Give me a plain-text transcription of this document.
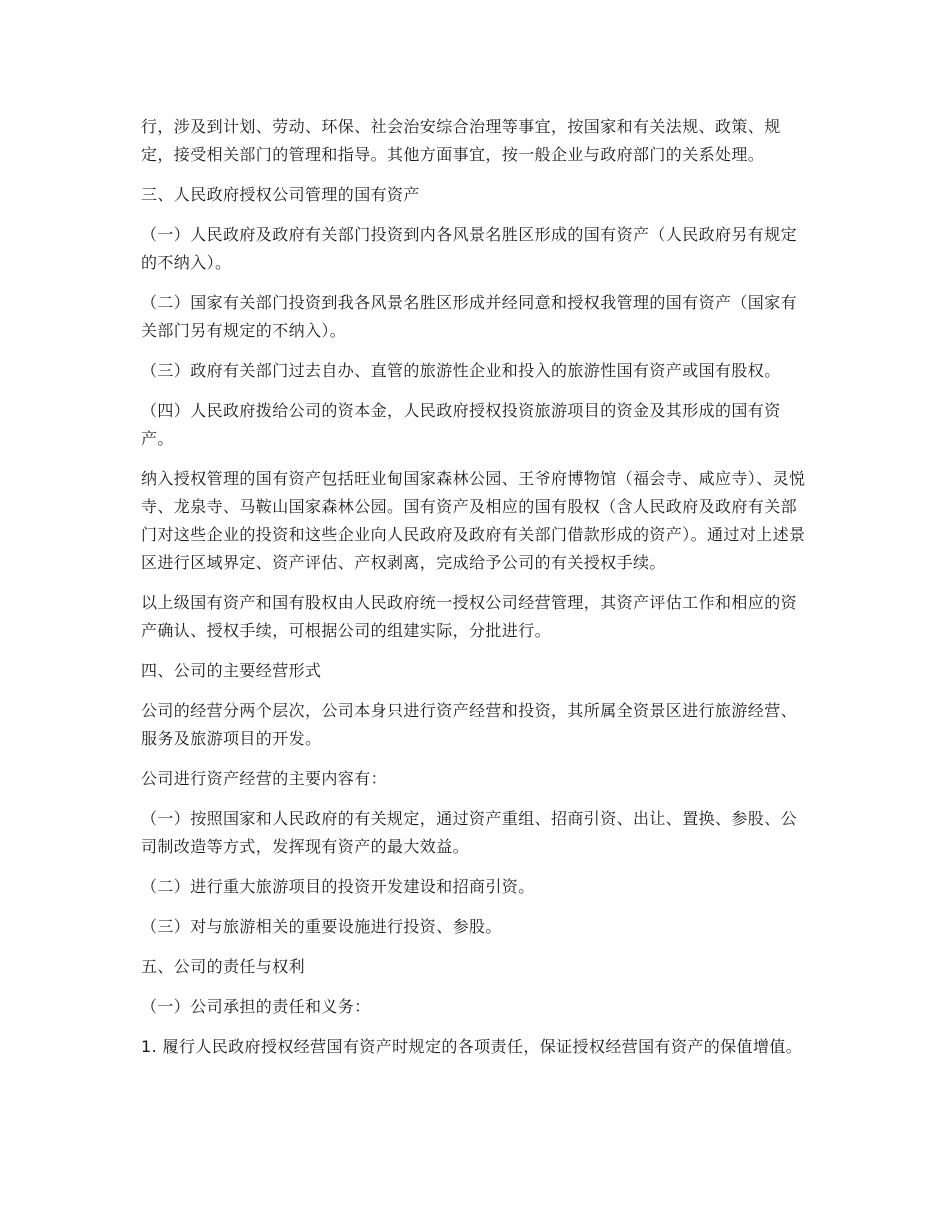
行，涉及到计划、劳动、环保、社会治安综合治理等事宜，按国家和有关法规、政策、规定，接受相关部门的管理和指导。其他方面事宜，按一般企业与政府部门的关系处理。

三、人民政府授权公司管理的国有资产

（一）人民政府及政府有关部门投资到内各风景名胜区形成的国有资产（人民政府另有规定的不纳入）。

（二）国家有关部门投资到我各风景名胜区形成并经同意和授权我管理的国有资产（国家有关部门另有规定的不纳入）。

（三）政府有关部门过去自办、直管的旅游性企业和投入的旅游性国有资产或国有股权。

（四）人民政府拨给公司的资本金，人民政府授权投资旅游项目的资金及其形成的国有资产。

纳入授权管理的国有资产包括旺业甸国家森林公园、王爷府博物馆（福会寺、咸应寺）、灵悦寺、龙泉寺、马鞍山国家森林公园。国有资产及相应的国有股权（含人民政府及政府有关部门对这些企业的投资和这些企业向人民政府及政府有关部门借款形成的资产）。通过对上述景区进行区域界定、资产评估、产权剥离，完成给予公司的有关授权手续。

以上级国有资产和国有股权由人民政府统一授权公司经营管理，其资产评估工作和相应的资产确认、授权手续，可根据公司的组建实际，分批进行。

四、公司的主要经营形式

公司的经营分两个层次，公司本身只进行资产经营和投资，其所属全资景区进行旅游经营、服务及旅游项目的开发。

公司进行资产经营的主要内容有：

（一）按照国家和人民政府的有关规定，通过资产重组、招商引资、出让、置换、参股、公司制改造等方式，发挥现有资产的最大效益。

（二）进行重大旅游项目的投资开发建设和招商引资。

（三）对与旅游相关的重要设施进行投资、参股。

五、公司的责任与权利

（一）公司承担的责任和义务：

1. 履行人民政府授权经营国有资产时规定的各项责任，保证授权经营国有资产的保值增值。
